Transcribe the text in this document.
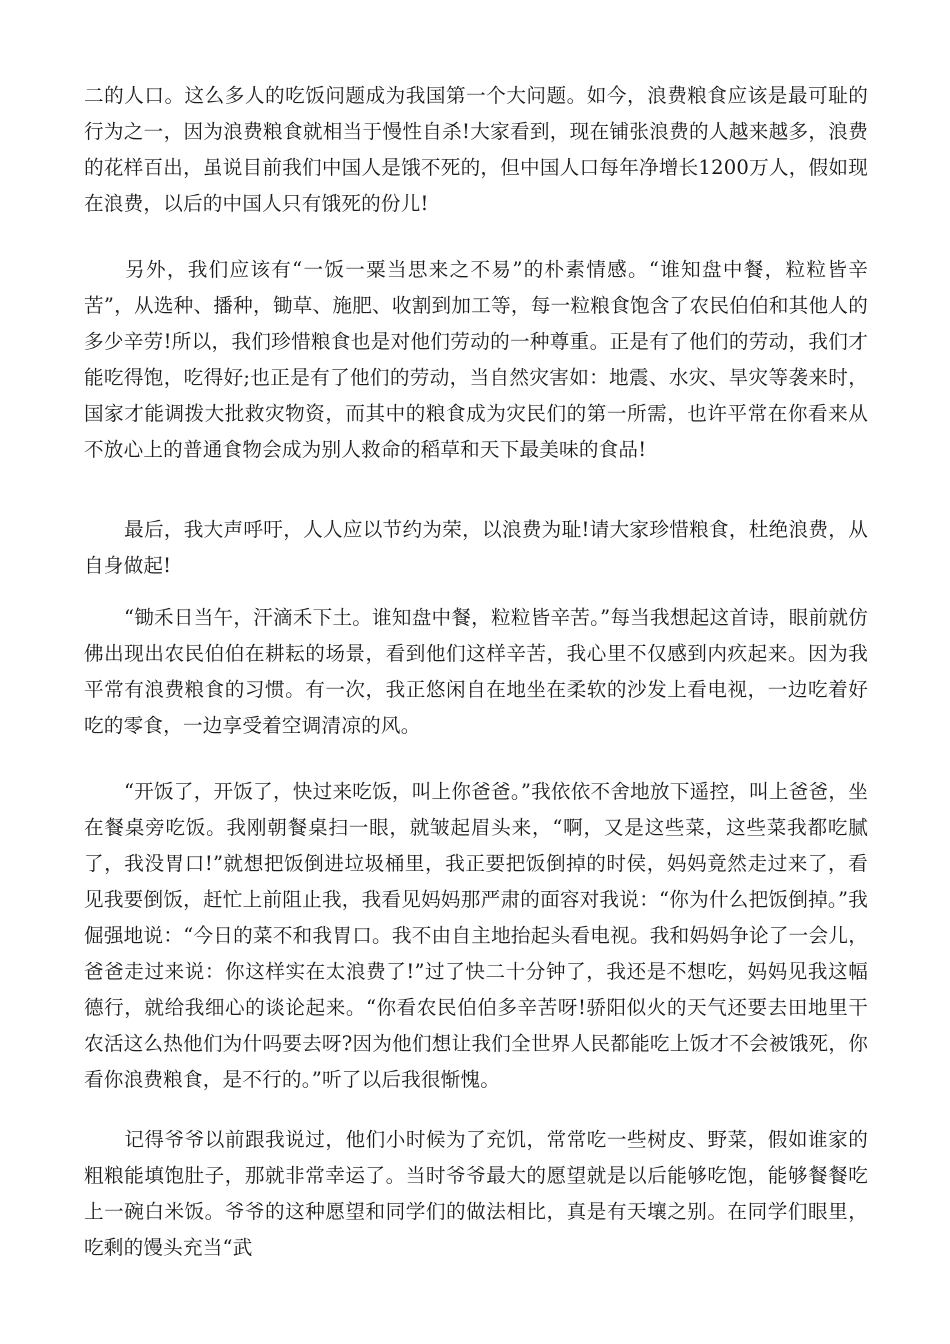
二的人口。这么多人的吃饭问题成为我国第一个大问题。如今，浪费粮食应该是最可耻的行为之一，因为浪费粮食就相当于慢性自杀!大家看到，现在铺张浪费的人越来越多，浪费的花样百出，虽说目前我们中国人是饿不死的，但中国人口每年净增长1200万人，假如现在浪费，以后的中国人只有饿死的份儿!

另外，我们应该有“一饭一粟当思来之不易”的朴素情感。“谁知盘中餐，粒粒皆辛苦”，从选种、播种，锄草、施肥、收割到加工等，每一粒粮食饱含了农民伯伯和其他人的多少辛劳!所以，我们珍惜粮食也是对他们劳动的一种尊重。正是有了他们的劳动，我们才能吃得饱，吃得好;也正是有了他们的劳动，当自然灾害如：地震、水灾、旱灾等袭来时，国家才能调拨大批救灾物资，而其中的粮食成为灾民们的第一所需，也许平常在你看来从不放心上的普通食物会成为别人救命的稻草和天下最美味的食品!

最后，我大声呼吁，人人应以节约为荣，以浪费为耻!请大家珍惜粮食，杜绝浪费，从自身做起!

“锄禾日当午，汗滴禾下土。谁知盘中餐，粒粒皆辛苦。”每当我想起这首诗，眼前就仿佛出现出农民伯伯在耕耘的场景，看到他们这样辛苦，我心里不仅感到内疚起来。因为我平常有浪费粮食的习惯。有一次，我正悠闲自在地坐在柔软的沙发上看电视，一边吃着好吃的零食，一边享受着空调清凉的风。

“开饭了，开饭了，快过来吃饭，叫上你爸爸。”我依依不舍地放下遥控，叫上爸爸，坐在餐桌旁吃饭。我刚朝餐桌扫一眼，就皱起眉头来，“啊，又是这些菜，这些菜我都吃腻了，我没胃口!”就想把饭倒进垃圾桶里，我正要把饭倒掉的时侯，妈妈竟然走过来了，看见我要倒饭，赶忙上前阻止我，我看见妈妈那严肃的面容对我说：“你为什么把饭倒掉。”我倔强地说：“今日的菜不和我胃口。我不由自主地抬起头看电视。我和妈妈争论了一会儿，爸爸走过来说：你这样实在太浪费了!”过了快二十分钟了，我还是不想吃，妈妈见我这幅德行，就给我细心的谈论起来。“你看农民伯伯多辛苦呀!骄阳似火的天气还要去田地里干农活这么热他们为什吗要去呀?因为他们想让我们全世界人民都能吃上饭才不会被饿死，你看你浪费粮食，是不行的。”听了以后我很惭愧。

记得爷爷以前跟我说过，他们小时候为了充饥，常常吃一些树皮、野菜，假如谁家的粗粮能填饱肚子，那就非常幸运了。当时爷爷最大的愿望就是以后能够吃饱，能够餐餐吃上一碗白米饭。爷爷的这种愿望和同学们的做法相比，真是有天壤之别。在同学们眼里，吃剩的馒头充当“武
